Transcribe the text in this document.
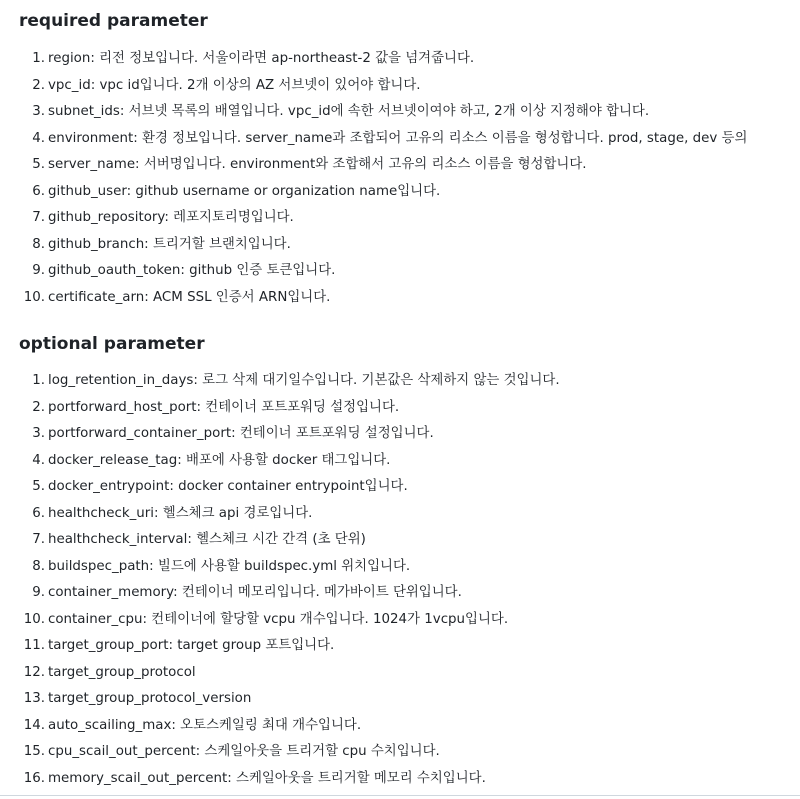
required parameter
1. region: 리전 정보입니다. 서울이라면 ap-northeast-2 값을 넘겨줍니다.
2. vpc_id: vpc id입니다. 2개 이상의 AZ 서브넷이 있어야 합니다.
3. subnet_ids: 서브넷 목록의 배열입니다. vpc_id에 속한 서브넷이여야 하고, 2개 이상 지정해야 합니다.
4. environment: 환경 정보입니다. server_name과 조합되어 고유의 리소스 이름을 형성합니다. prod, stage, dev 등의
5. server_name: 서버명입니다. environment와 조합해서 고유의 리소스 이름을 형성합니다.
6. github_user: github username or organization name입니다.
7. github_repository: 레포지토리명입니다.
8. github_branch: 트리거할 브랜치입니다.
9. github_oauth_token: github 인증 토큰입니다.
10. certificate_arn: ACM SSL 인증서 ARN입니다.
optional parameter
1. log_retention_in_days: 로그 삭제 대기일수입니다. 기본값은 삭제하지 않는 것입니다.
2. portforward_host_port: 컨테이너 포트포워딩 설정입니다.
3. portforward_container_port: 컨테이너 포트포워딩 설정입니다.
4. docker_release_tag: 배포에 사용할 docker 태그입니다.
5. docker_entrypoint: docker container entrypoint입니다.
6. healthcheck_uri: 헬스체크 api 경로입니다.
7. healthcheck_interval: 헬스체크 시간 간격 (초 단위)
8. buildspec_path: 빌드에 사용할 buildspec.yml 위치입니다.
9. container_memory: 컨테이너 메모리입니다. 메가바이트 단위입니다.
10. container_cpu: 컨테이너에 할당할 vcpu 개수입니다. 1024가 1vcpu입니다.
11. target_group_port: target group 포트입니다.
12. target_group_protocol
13. target_group_protocol_version
14. auto_scailing_max: 오토스케일링 최대 개수입니다.
15. cpu_scail_out_percent: 스케일아웃을 트리거할 cpu 수치입니다.
16. memory_scail_out_percent: 스케일아웃을 트리거할 메모리 수치입니다.
